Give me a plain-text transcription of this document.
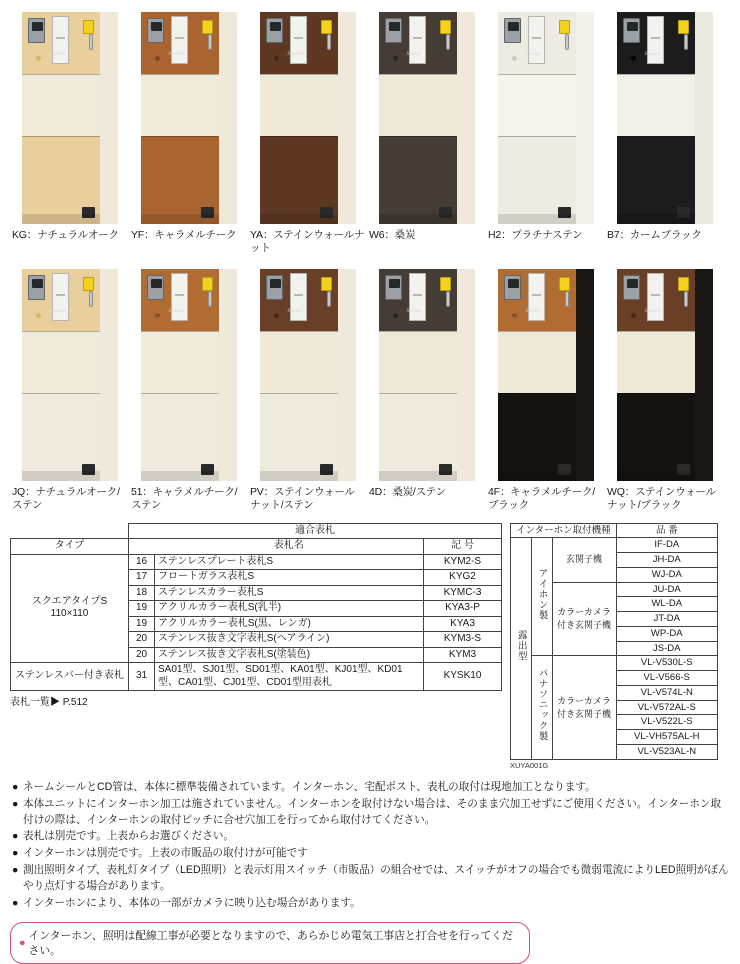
Suzuki
KG：ナチュラルオーク
Suzuki
YF：キャラメルチーク
Suzuki
YA：ステインウォールナット
Suzuki
W6：桑炭
Suzuki
H2：プラチナステン
Suzuki
B7：カームブラック
Suzuki
JQ：ナチュラルオーク/ステン
Suzuki
51：キャラメルチーク/ステン
Suzuki
PV：ステインウォールナット/ステン
Suzuki
4D：桑炭/ステン
Suzuki
4F：キャラメルチーク/ブラック
Suzuki
WQ：ステインウォールナット/ブラック
	適合表札		
タイプ		表札名	記 号

スクエアタイプS
110×110	16	ステンレスプレート表札S	KYM2-S
	17	フロートガラス表札S	KYG2
	18	ステンレスカラー表札S	KYMC-3
	19	アクリルカラー表札S(乳半)	KYA3-P
	19	アクリルカラー表札S(黒、レンガ)	KYA3
	20	ステンレス抜き文字表札S(ヘアライン)	KYM3-S
	20	ステンレス抜き文字表札S(塗装色)	KYM3

ステンレスバー付き表札	31	SA01型、SJ01型、SD01型、KA01型、KJ01型、KD01型、CA01型、CJ01型、CD01型用表札	KYSK10
表札一覧▶ P.512
インターホン取付機種			品 番
露出型	アイホン製	玄関子機	IF-DA
			JH-DA
			WJ-DA
		カラーカメラ付き玄関子機	JU-DA
			WL-DA
			JT-DA
			WP-DA
			JS-DA
	パナソニック製	カラーカメラ付き玄関子機	VL-V530L-S
			VL-V566-S
			VL-V574L-N
			VL-V572AL-S
			VL-V522L-S
			VL-VH575AL-H
			VL-V523AL-N
XUYA001G
● ネームシールとCD管は、本体に標準装備されています。インターホン、宅配ポスト、表札の取付は現地加工となります。
● 本体ユニットにインターホン加工は施されていません。インターホンを取付けない場合は、そのまま穴加工せずにご使用ください。インターホン取付けの際は、インターホンの取付ピッチに合せ穴加工を行ってから取付けてください。
● 表札は別売です。上表からお選びください。
● インターホンは別売です。上表の市販品の取付けが可能です
● 測出照明タイプ、表札灯タイプ（LED照明）と表示灯用スイッチ（市販品）の組合せでは、スイッチがオフの場合でも微弱電流によりLED照明がぼんやり点灯する場合があります。
● インターホンにより、本体の一部がカメラに映り込む場合があります。
●
インターホン、照明は配線工事が必要となりますので、あらかじめ電気工事店と打合せを行ってください。
